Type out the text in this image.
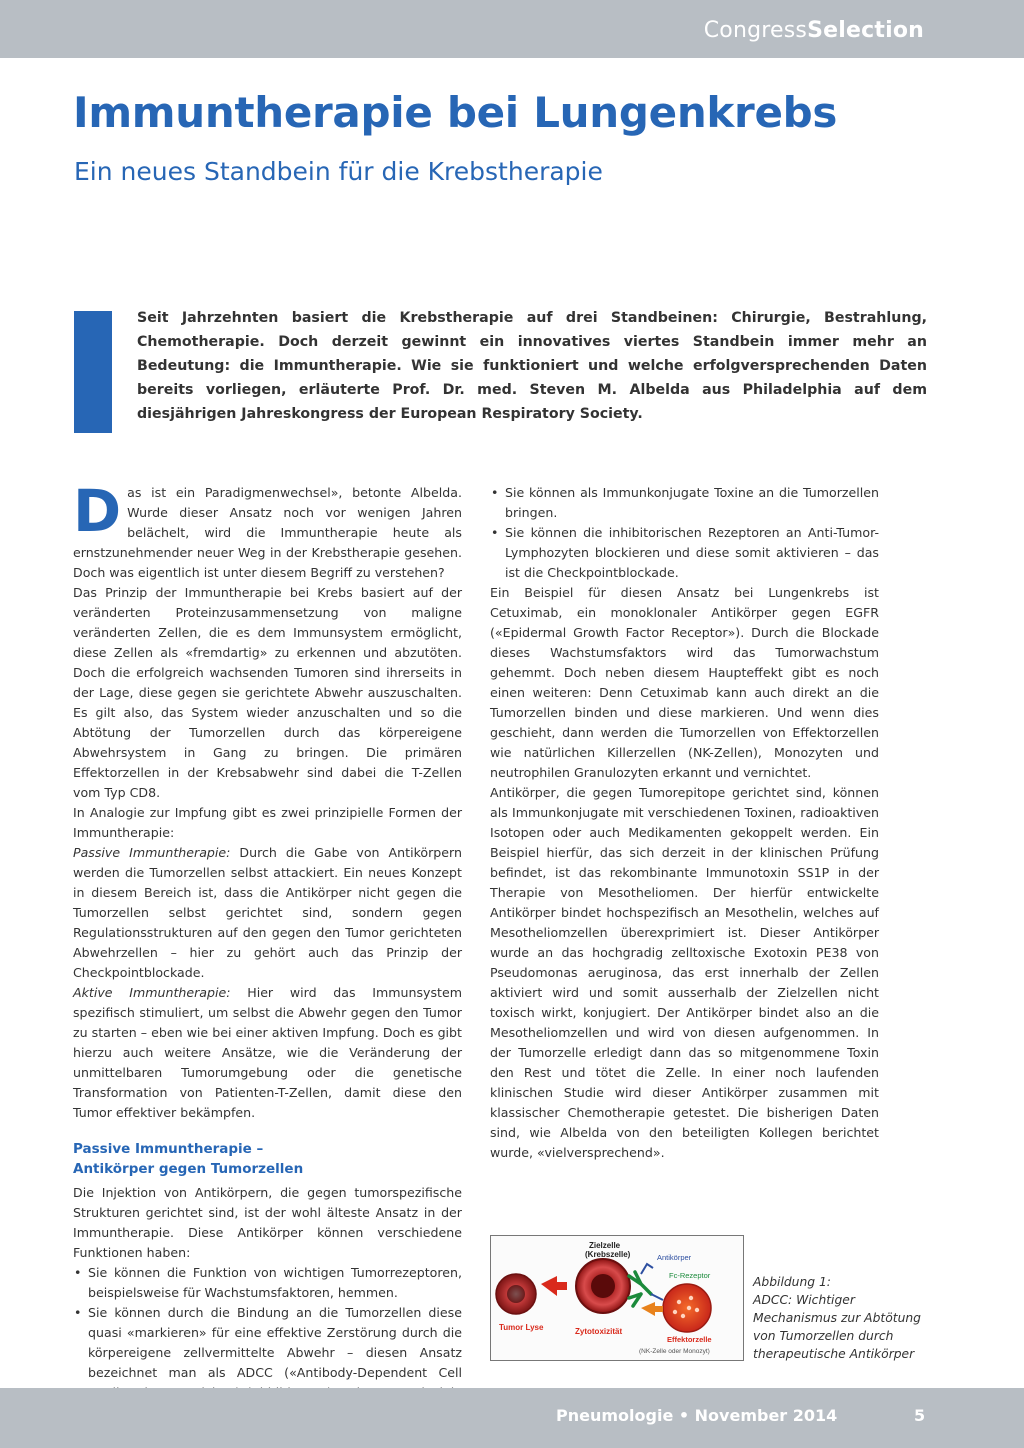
CongressSelection
Immuntherapie bei Lungenkrebs
Ein neues Standbein für die Krebstherapie

Seit Jahrzehnten basiert die Krebstherapie auf drei Standbeinen: Chirurgie, Bestrahlung, Chemotherapie. Doch derzeit gewinnt ein innovatives viertes Standbein immer mehr an Bedeutung: die Immuntherapie. Wie sie funktioniert und welche erfolgversprechenden Daten bereits vorliegen, erläuterte Prof. Dr. med. Steven M. Albelda aus Philadelphia auf dem diesjährigen Jahreskongress der European Respiratory Society.

Das ist ein Paradigmenwechsel», betonte Albelda. Wurde dieser Ansatz noch vor wenigen Jahren belächelt, wird die Immuntherapie heute als ernstzunehmender neuer Weg in der Krebstherapie gesehen. Doch was eigentlich ist unter diesem Begriff zu verstehen?

Das Prinzip der Immuntherapie bei Krebs basiert auf der veränderten Proteinzusammensetzung von maligne veränderten Zellen, die es dem Immunsystem ermöglicht, diese Zellen als «fremdartig» zu erkennen und abzutöten. Doch die erfolgreich wachsenden Tumoren sind ihrerseits in der Lage, diese gegen sie gerichtete Abwehr auszuschalten. Es gilt also, das System wieder anzuschalten und so die Abtötung der Tumorzellen durch das körpereigene Abwehrsystem in Gang zu bringen. Die primären Effektorzellen in der Krebsabwehr sind dabei die T-Zellen vom Typ CD8.

In Analogie zur Impfung gibt es zwei prinzipielle Formen der Immuntherapie:

Passive Immuntherapie: Durch die Gabe von Antikörpern werden die Tumorzellen selbst attackiert. Ein neues Konzept in diesem Bereich ist, dass die Antikörper nicht gegen die Tumorzellen selbst gerichtet sind, sondern gegen Regulationsstrukturen auf den gegen den Tumor gerichteten Abwehrzellen – hier zu gehört auch das Prinzip der Checkpointblockade.

Aktive Immuntherapie: Hier wird das Immunsystem spezifisch stimuliert, um selbst die Abwehr gegen den Tumor zu starten – eben wie bei einer aktiven Impfung. Doch es gibt hierzu auch weitere Ansätze, wie die Veränderung der unmittelbaren Tumorumgebung oder die genetische Transformation von Patienten-T-Zellen, damit diese den Tumor effektiver bekämpfen.

Passive Immuntherapie –
Antikörper gegen Tumorzellen

Die Injektion von Antikörpern, die gegen tumorspezifische Strukturen gerichtet sind, ist der wohl älteste Ansatz in der Immuntherapie. Diese Antikörper können verschiedene Funktionen haben:

• Sie können die Funktion von wichtigen Tumorrezeptoren, beispielsweise für Wachstumsfaktoren, hemmen.
• Sie können durch die Bindung an die Tumorzellen diese quasi «markieren» für eine effektive Zerstörung durch die körpereigene zellvermittelte Abwehr – diesen Ansatz bezeichnet man als ADCC («Antibody-Dependent Cell
• Sie können als Immunkonjugate Toxine an die Tumorzellen bringen.
• Sie können die inhibitorischen Rezeptoren an Anti-Tumor-Lymphozyten blockieren und diese somit aktivieren – das ist die Checkpointblockade.

Ein Beispiel für diesen Ansatz bei Lungenkrebs ist Cetuximab, ein monoklonaler Antikörper gegen EGFR («Epidermal Growth Factor Receptor»). Durch die Blockade dieses Wachstumsfaktors wird das Tumorwachstum gehemmt. Doch neben diesem Haupteffekt gibt es noch einen weiteren: Denn Cetuximab kann auch direkt an die Tumorzellen binden und diese markieren. Und wenn dies geschieht, dann werden die Tumorzellen von Effektorzellen wie natürlichen Killerzellen (NK-Zellen), Monozyten und neutrophilen Granulozyten erkannt und vernichtet.

Antikörper, die gegen Tumorepitope gerichtet sind, können als Immunkonjugate mit verschiedenen Toxinen, radioaktiven Isotopen oder auch Medikamenten gekoppelt werden. Ein Beispiel hierfür, das sich derzeit in der klinischen Prüfung befindet, ist das rekombinante Immunotoxin SS1P in der Therapie von Mesotheliomen. Der hierfür entwickelte Antikörper bindet hochspezifisch an Mesothelin, welches auf Mesotheliomzellen überexprimiert ist. Dieser Antikörper wurde an das hochgradig zelltoxische Exotoxin PE38 von Pseudomonas aeruginosa, das erst innerhalb der Zellen aktiviert wird und somit ausserhalb der Zielzellen nicht toxisch wirkt, konjugiert. Der Antikörper bindet also an die Mesotheliomzellen und wird von diesen aufgenommen. In der Tumorzelle erledigt dann das so mitgenommene Toxin den Rest und tötet die Zelle. In einer noch laufenden klinischen Studie wird dieser Antikörper zusammen mit klassischer Chemotherapie getestet. Die bisherigen Daten sind, wie Albelda von den beteiligten Kollegen berichtet wurde, «vielversprechend».

Zielzelle
(Krebszelle)	Antikörper
Fc-Rezeptor
Tumor Lyse	Zytotoxizität
Effektorzelle
(NK-Zelle oder Monozyt)

Abbildung 1:
ADCC: Wichtiger Mechanismus zur Abtötung von Tumorzellen durch therapeutische Antikörper

Pneumologie • November 2014	5
